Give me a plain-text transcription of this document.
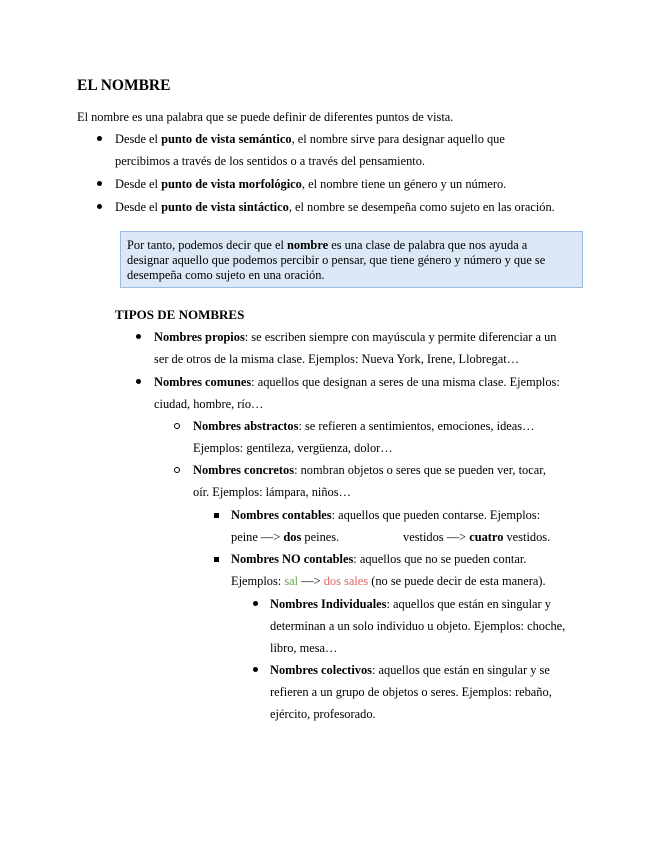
EL NOMBRE
El nombre es una palabra que se puede definir de diferentes puntos de vista.
Desde el punto de vista semántico, el nombre sirve para designar aquello que
percibimos a través de los sentidos o a través del pensamiento.
Desde el punto de vista morfológico, el nombre tiene un género y un número.
Desde el punto de vista sintáctico, el nombre se desempeña como sujeto en las oración.
Por tanto, podemos decir que el nombre es una clase de palabra que nos ayuda a
designar aquello que podemos percibir o pensar, que tiene género y número y que se
desempeña como sujeto en una oración.
TIPOS DE NOMBRES
Nombres propios: se escriben siempre con mayúscula y permite diferenciar a un
ser de otros de la misma clase. Ejemplos: Nueva York, Irene, Llobregat…
Nombres comunes: aquellos que designan a seres de una misma clase. Ejemplos:
ciudad, hombre, río…
Nombres abstractos: se refieren a sentimientos, emociones, ideas…
Ejemplos: gentileza, vergüenza, dolor…
Nombres concretos: nombran objetos o seres que se pueden ver, tocar,
oír. Ejemplos: lámpara, niños…
Nombres contables: aquellos que pueden contarse. Ejemplos:
peine —> dos peines.	vestidos —> cuatro vestidos.
Nombres NO contables: aquellos que no se pueden contar.
Ejemplos: sal —> dos sales (no se puede decir de esta manera).
Nombres Individuales: aquellos que están en singular y
determinan a un solo individuo u objeto. Ejemplos: choche,
libro, mesa…
Nombres colectivos: aquellos que están en singular y se
refieren a un grupo de objetos o seres. Ejemplos: rebaño,
ejército, profesorado.
